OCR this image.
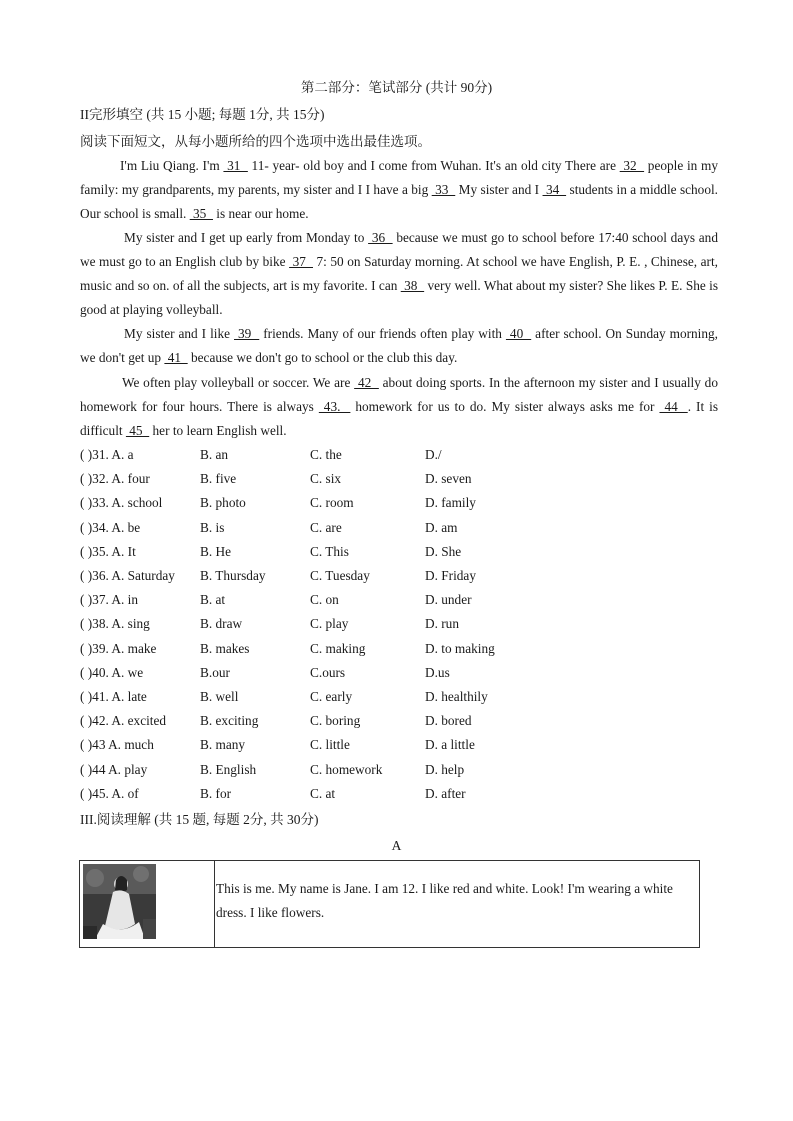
第二部分：笔试部分 (共计 90分)
II完形填空 (共 15 小题; 每题 1分, 共 15分)
阅读下面短文，从每小题所给的四个选项中选出最佳选项。
I'm Liu Qiang. I'm  31   11- year- old boy and I come from Wuhan. It's an old city There are  32   people in my family: my grandparents, my parents, my sister and I I have a big  33   My sister and I  34   students in a middle school. Our school is small.  35   is near our home.
My sister and I get up early from Monday to  36   because we must go to school before 17:40 school days and we must go to an English club by bike  37   7: 50 on Saturday morning. At school we have English, P. E. , Chinese, art, music and so on. of all the subjects, art is my favorite. I can  38   very well. What about my sister? She likes P. E. She is good at playing volleyball.
My sister and I like  39   friends. Many of our friends often play with  40   after school. On Sunday morning, we don't get up  41   because we don't go to school or the club this day.
We often play volleyball or soccer. We are  42   about doing sports. In the afternoon my sister and I usually do homework for four hours. There is always  43.   homework for us to do. My sister always asks me for  44  . It is difficult  45   her to learn English well.
( )31. A. a	B. an	C. the	D./
( )32. A. four	B. five	C. six	D. seven
( )33. A. school	B. photo	C. room	D. family
( )34. A. be	B. is	C. are	D. am
( )35. A. It	B. He	C. This	D. She
( )36. A. Saturday B. Thursday	C. Tuesday	D. Friday
( )37. A. in	B. at	C. on	D. under
( )38. A. sing	B. draw	C. play	D. run
( )39. A. make	B. makes	C. making	D. to making
( )40. A. we	B.our	C.ours	D.us
( )41. A. late	B. well	C. early	D. healthily
( )42. A. excited	B. exciting	C. boring	D. bored
( )43 A. much	B. many	C. little	D. a little
( )44 A. play	B. English	C. homework	D. help
( )45. A. of	B. for	C. at	D. after
III.阅读理解 (共 15 题, 每题 2分, 共 30分)
A
This is me. My name is Jane. I am 12. I like red and white. Look! I'm wearing a white dress. I like flowers.
